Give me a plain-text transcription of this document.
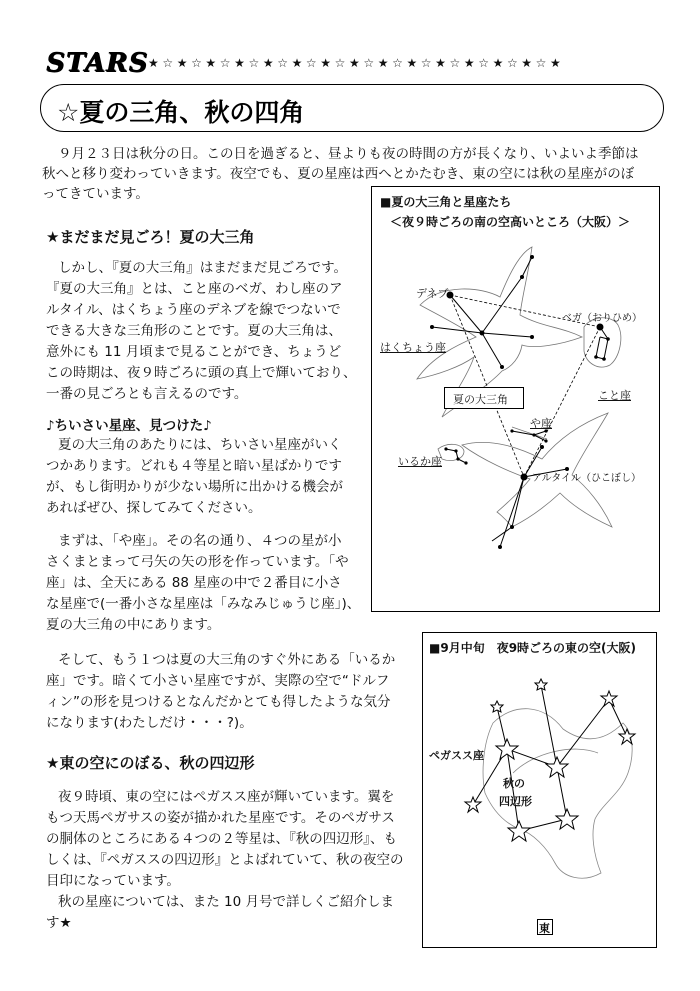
STARS ★☆★☆★☆★☆★☆★☆★☆★☆★☆★☆★☆★☆★☆★☆★
☆夏の三角、秋の四角

９月２３日は秋分の日。この日を過ぎると、昼よりも夜の時間の方が長くなり、いよいよ季節は

秋へと移り変わっていきます。夜空でも、夏の星座は西へとかたむき、東の空には秋の星座がのぼ

ってきています。

★まだまだ見ごろ！夏の大三角

しかし、『夏の大三角』はまだまだ見ごろです。

『夏の大三角』とは、こと座のベガ、わし座のア

ルタイル、はくちょう座のデネブを線でつないで

できる大きな三角形のことです。夏の大三角は、

意外にも 11 月頃まで見ることができ、ちょうど

この時期は、夜９時ごろに頭の真上で輝いており、

一番の見ごろとも言えるのです。

♪ちいさい星座、見つけた♪

夏の大三角のあたりには、ちいさい星座がいく

つかあります。どれも４等星と暗い星ばかりです

が、もし街明かりが少ない場所に出かける機会が

あればぜひ、探してみてください。

まずは、「や座」。その名の通り、４つの星が小

さくまとまって弓矢の矢の形を作っています。「や

座」は、全天にある 88 星座の中で２番目に小さ

な星座で(一番小さな星座は「みなみじゅうじ座」)、

夏の大三角の中にあります。

そして、もう１つは夏の大三角のすぐ外にある「いるか

座」です。暗くて小さい星座ですが、実際の空で“ドルフ

ィン”の形を見つけるとなんだかとても得したような気分

になります(わたしだけ・・・?)。

★東の空にのぼる、秋の四辺形

夜９時頃、東の空にはペガスス座が輝いています。翼を

もつ天馬ペガサスの姿が描かれた星座です。そのペガサス

の胴体のところにある４つの２等星は、『秋の四辺形』、も

しくは、『ペガススの四辺形』とよばれていて、秋の夜空の

目印になっています。

秋の星座については、また 10 月号で詳しくご紹介しま

す★

■夏の大三角と星座たち
＜夜９時ごろの南の空高いところ（大阪）＞
デネブ
ベガ（おりひめ）
はくちょう座
こと座
夏の大三角
や座
いるか座
アルタイル（ひこぼし）
■9月中旬　夜9時ごろの東の空(大阪)
ペガスス座
秋の
四辺形
東
